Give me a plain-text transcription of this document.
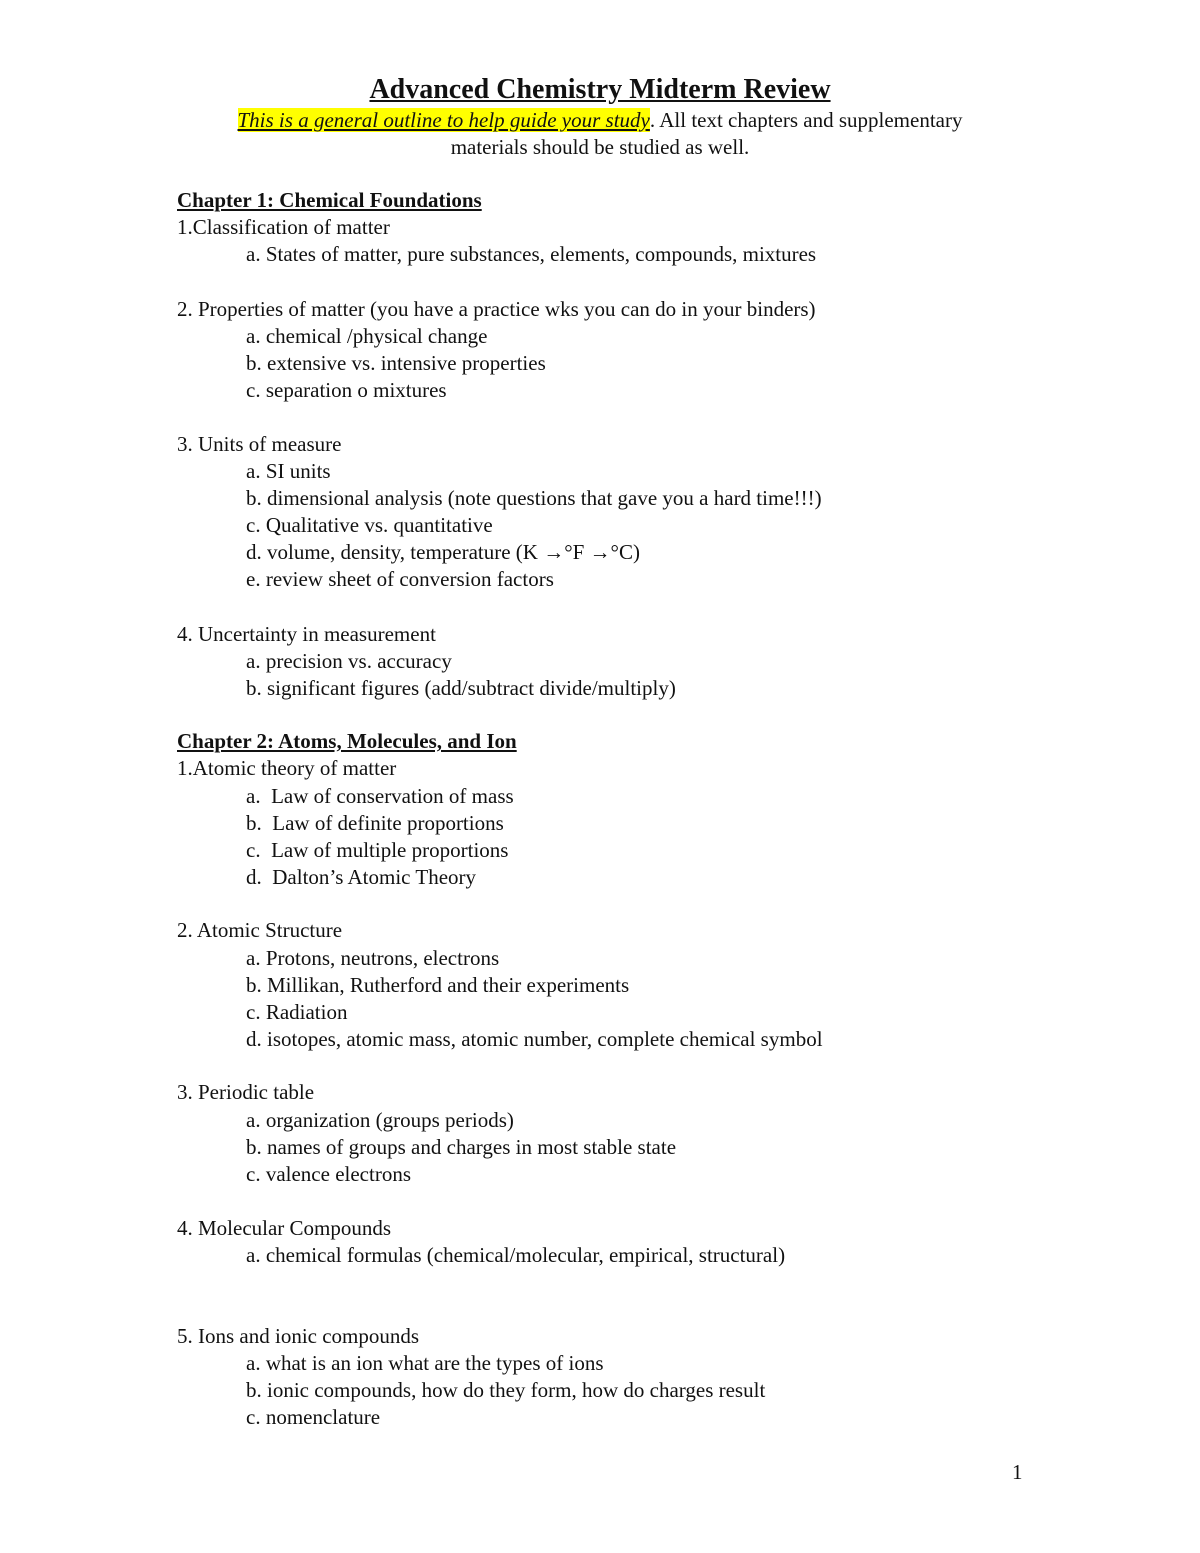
Advanced Chemistry Midterm Review
This is a general outline to help guide your study. All text chapters and supplementary
materials should be studied as well.
Chapter 1: Chemical Foundations
1.Classification of matter
a. States of matter, pure substances, elements, compounds, mixtures
2. Properties of matter (you have a practice wks you can do in your binders)
a. chemical /physical change
b. extensive vs. intensive properties
c. separation o mixtures
3. Units of measure
a. SI units
b. dimensional analysis (note questions that gave you a hard time!!!)
c. Qualitative vs. quantitative
d. volume, density, temperature (K →°F →°C)
e. review sheet of conversion factors
4. Uncertainty in measurement
a. precision vs. accuracy
b. significant figures (add/subtract divide/multiply)
Chapter 2: Atoms, Molecules, and Ion
1.Atomic theory of matter
a.  Law of conservation of mass
b.  Law of definite proportions
c.  Law of multiple proportions
d.  Dalton’s Atomic Theory
2. Atomic Structure
a. Protons, neutrons, electrons
b. Millikan, Rutherford and their experiments
c. Radiation
d. isotopes, atomic mass, atomic number, complete chemical symbol
3. Periodic table
a. organization (groups periods)
b. names of groups and charges in most stable state
c. valence electrons
4. Molecular Compounds
a. chemical formulas (chemical/molecular, empirical, structural)
5. Ions and ionic compounds
a. what is an ion what are the types of ions
b. ionic compounds, how do they form, how do charges result
c. nomenclature
1
